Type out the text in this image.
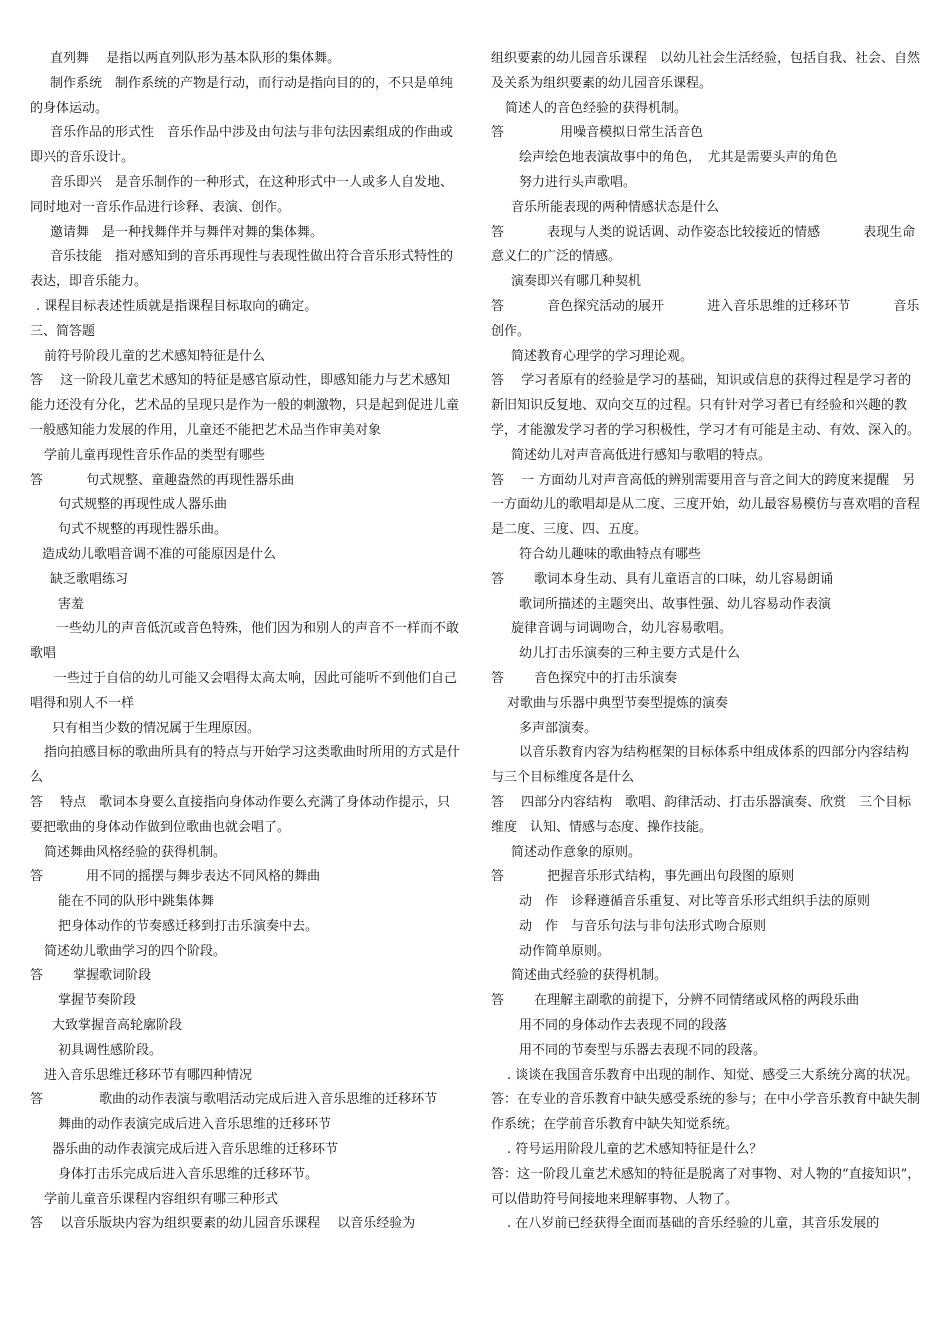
直列舞　 是指以两直列队形为基本队形的集体舞。

制作系统　制作系统的产物是行动，而行动是指向目的的，不只是单纯的身体运动。

音乐作品的形式性　音乐作品中涉及由句法与非句法因素组成的作曲或即兴的音乐设计。

音乐即兴　是音乐制作的一种形式，在这种形式中一人或多人自发地、同时地对一音乐作品进行诊释、表演、创作。

邀请舞　是一种找舞伴并与舞伴对舞的集体舞。

音乐技能　指对感知到的音乐再现性与表现性做出符合音乐形式特性的表达，即音乐能力。

. 课程目标表述性质就是指课程目标取向的确定。

三、简答题

前符号阶段儿童的艺术感知特征是什么

答　 这一阶段儿童艺术感知的特征是感官原动性，即感知能力与艺术感知能力还没有分化，艺术品的呈现只是作为一般的刺激物，只是起到促进儿童一般感知能力发展的作用，儿童还不能把艺术品当作审美对象

学前儿童再现性音乐作品的类型有哪些

答　　　 句式规整、童趣盎然的再现性器乐曲

句式规整的再现性成人器乐曲

句式不规整的再现性器乐曲。

造成幼儿歌唱音调不准的可能原因是什么

缺乏歌唱练习

害羞

一些幼儿的声音低沉或音色特殊，他们因为和别人的声音不一样而不敢歌唱

一些过于自信的幼儿可能又会唱得太高太响，因此可能听不到他们自己唱得和别人不一样

只有相当少数的情况属于生理原因。

指向拍感目标的歌曲所具有的特点与开始学习这类歌曲时所用的方式是什么

答　 特点　歌词本身要么直接指向身体动作要么充满了身体动作提示，只要把歌曲的身体动作做到位歌曲也就会唱了。

简述舞曲风格经验的获得机制。

答　　　 用不同的摇摆与舞步表达不同风格的舞曲

能在不同的队形中跳集体舞

把身体动作的节奏感迁移到打击乐演奏中去。

简述幼儿歌曲学习的四个阶段。

答　　 掌握歌词阶段

掌握节奏阶段

大致掌握音高轮廓阶段

初具调性感阶段。

进入音乐思维迁移环节有哪四种情况

答　　　　 歌曲的动作表演与歌唱活动完成后进入音乐思维的迁移环节

舞曲的动作表演完成后进入音乐思维的迁移环节

器乐曲的动作表演完成后进入音乐思维的迁移环节

身体打击乐完成后进入音乐思维的迁移环节。

学前儿童音乐课程内容组织有哪三种形式

答　 以音乐版块内容为组织要素的幼儿园音乐课程　 以音乐经验为

组织要素的幼儿园音乐课程　以幼儿社会生活经验，包括自我、社会、自然及关系为组织要素的幼儿园音乐课程。

简述人的音色经验的获得机制。

答　　　　 用噪音模拟日常生活音色

绘声绘色地表演故事中的角色，　尤其是需要头声的角色

努力进行头声歌唱。

音乐所能表现的两种情感状态是什么

答　　　 表现与人类的说话调、动作姿态比较接近的情感　　　 表现生命意义仁的广泛的情感。

演奏即兴有哪几种契机

答　　　 音色探究活动的展开　　　 进入音乐思维的迁移环节　　　 音乐创作。

简述教育心理学的学习理论观。

答　 学习者原有的经验是学习的基础，知识或信息的获得过程是学习者的新旧知识反复地、双向交互的过程。只有针对学习者已有经验和兴趣的教学，才能激发学习者的学习积极性，学习才有可能是主动、有效、深入的。

简述幼儿对声音高低进行感知与歌唱的特点。

答　 一 方面幼儿对声音高低的辨别需要用音与音之间大的跨度来提醒　另一方面幼儿的歌唱却是从二度、三度开始，幼儿最容易模仿与喜欢唱的音程是二度、三度、四、五度。

符合幼儿趣味的歌曲特点有哪些

答　　 歌词本身生动、具有儿童语言的口味，幼儿容易朗诵

歌词所描述的主题突出、故事性强、幼儿容易动作表演

旋律音调与词调吻合，幼儿容易歌唱。

幼儿打击乐演奏的三种主要方式是什么

答　　 音色探究中的打击乐演奏

对歌曲与乐器中典型节奏型提炼的演奏

多声部演奏。

以音乐教育内容为结构框架的目标体系中组成体系的四部分内容结构与三个目标维度各是什么

答　 四部分内容结构　歌唱、韵律活动、打击乐器演奏、欣赏　三个目标维度　认知、情感与态度、操作技能。

简述动作意象的原则。

答　　　 把握音乐形式结构，事先画出句段图的原则

动　作　诊释遵循音乐重复、对比等音乐形式组织手法的原则

动　作　与音乐句法与非句法形式吻合原则

动作简单原则。

简述曲式经验的获得机制。

答　　 在理解主副歌的前提下，分辨不同情绪或风格的两段乐曲

用不同的身体动作去表现不同的段落

用不同的节奏型与乐器去表现不同的段落。

. 谈谈在我国音乐教育中出现的制作、知觉、感受三大系统分离的状况。

答：在专业的音乐教育中缺失感受系统的参与；在中小学音乐教育中缺失制作系统；在学前音乐教育中缺失知觉系统。

. 符号运用阶段儿童的艺术感知特征是什么？

答：这一阶段儿童艺术感知的特征是脱离了对事物、对人物的“直接知识”，可以借助符号间接地来理解事物、人物了。

. 在八岁前已经获得全面而基础的音乐经验的儿童，其音乐发展的
